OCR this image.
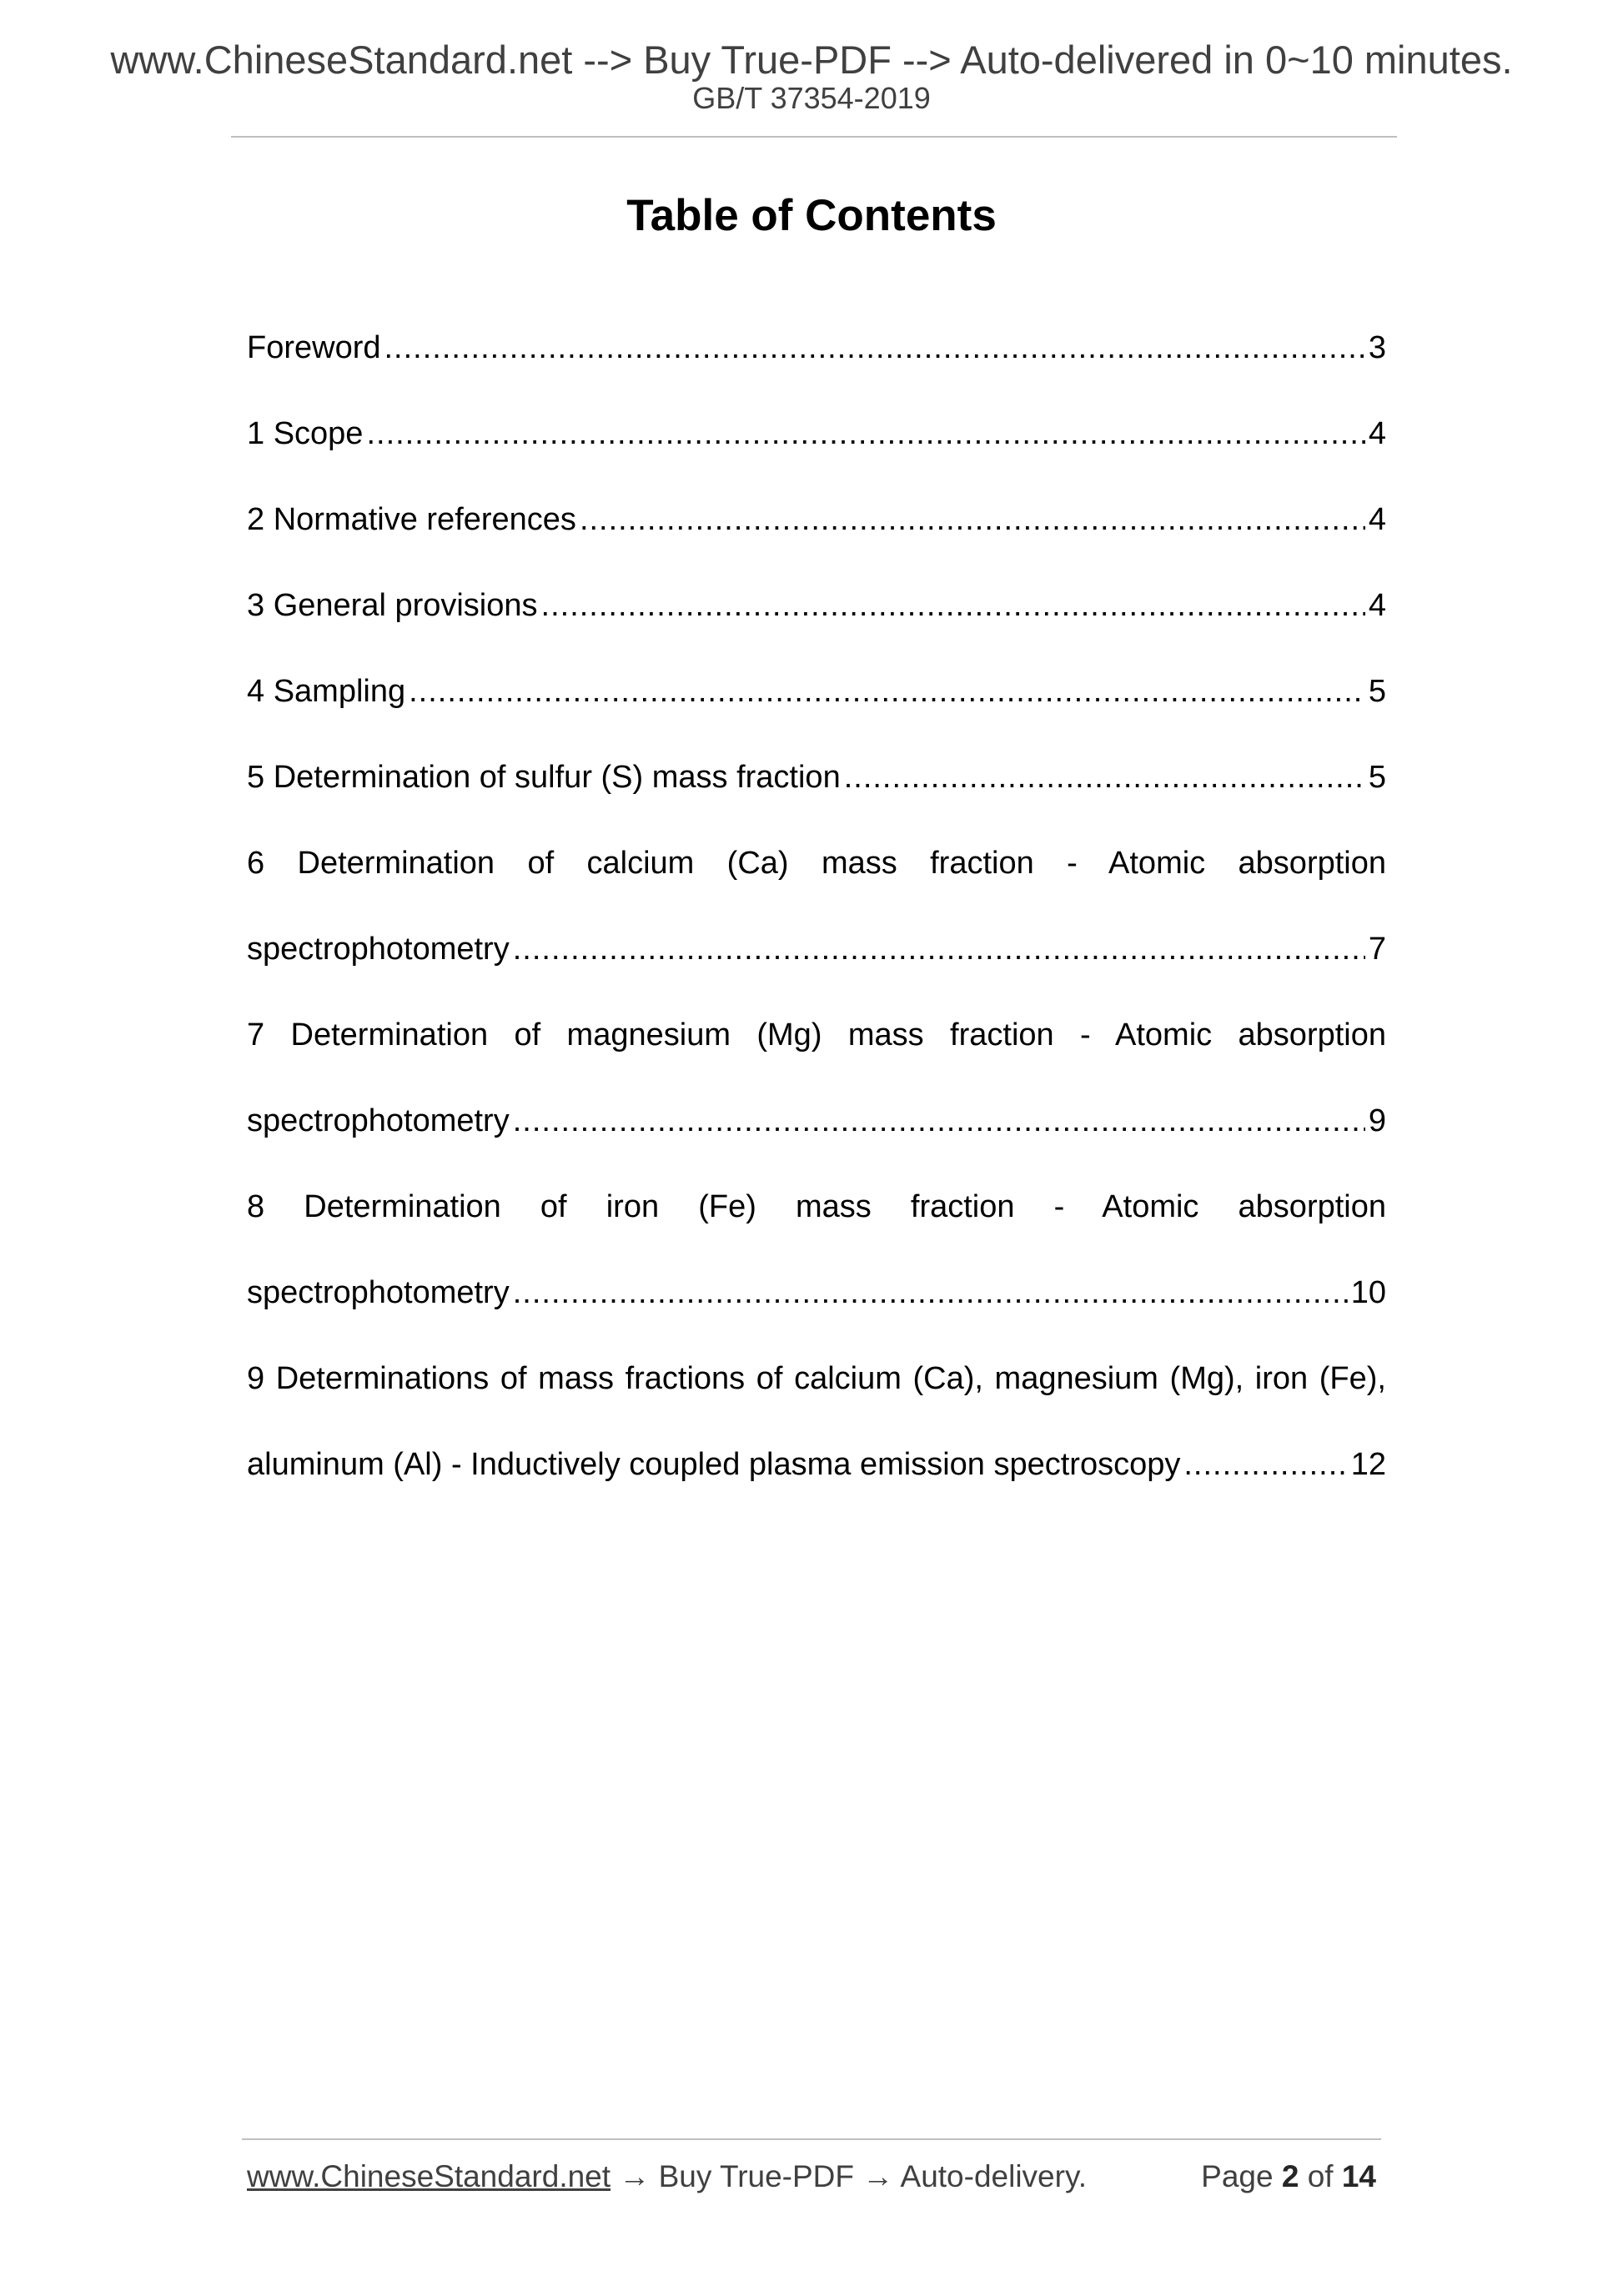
www.ChineseStandard.net --> Buy True-PDF --> Auto-delivered in 0~10 minutes.
GB/T 37354-2019
Table of Contents
Foreword .....	3
1 Scope .....	4
2 Normative references .....	4
3 General provisions .....	4
4 Sampling .....	5
5 Determination of sulfur (S) mass fraction .....	5
6 Determination of calcium (Ca) mass fraction - Atomic absorption
spectrophotometry .....	7
7 Determination of magnesium (Mg) mass fraction - Atomic absorption
spectrophotometry .....	9
8 Determination of iron (Fe) mass fraction - Atomic absorption
spectrophotometry .....	10
9 Determinations of mass fractions of calcium (Ca), magnesium (Mg), iron (Fe),
aluminum (Al) - Inductively coupled plasma emission spectroscopy .....	12
www.ChineseStandard.net → Buy True-PDF → Auto-delivery.	Page 2 of 14
